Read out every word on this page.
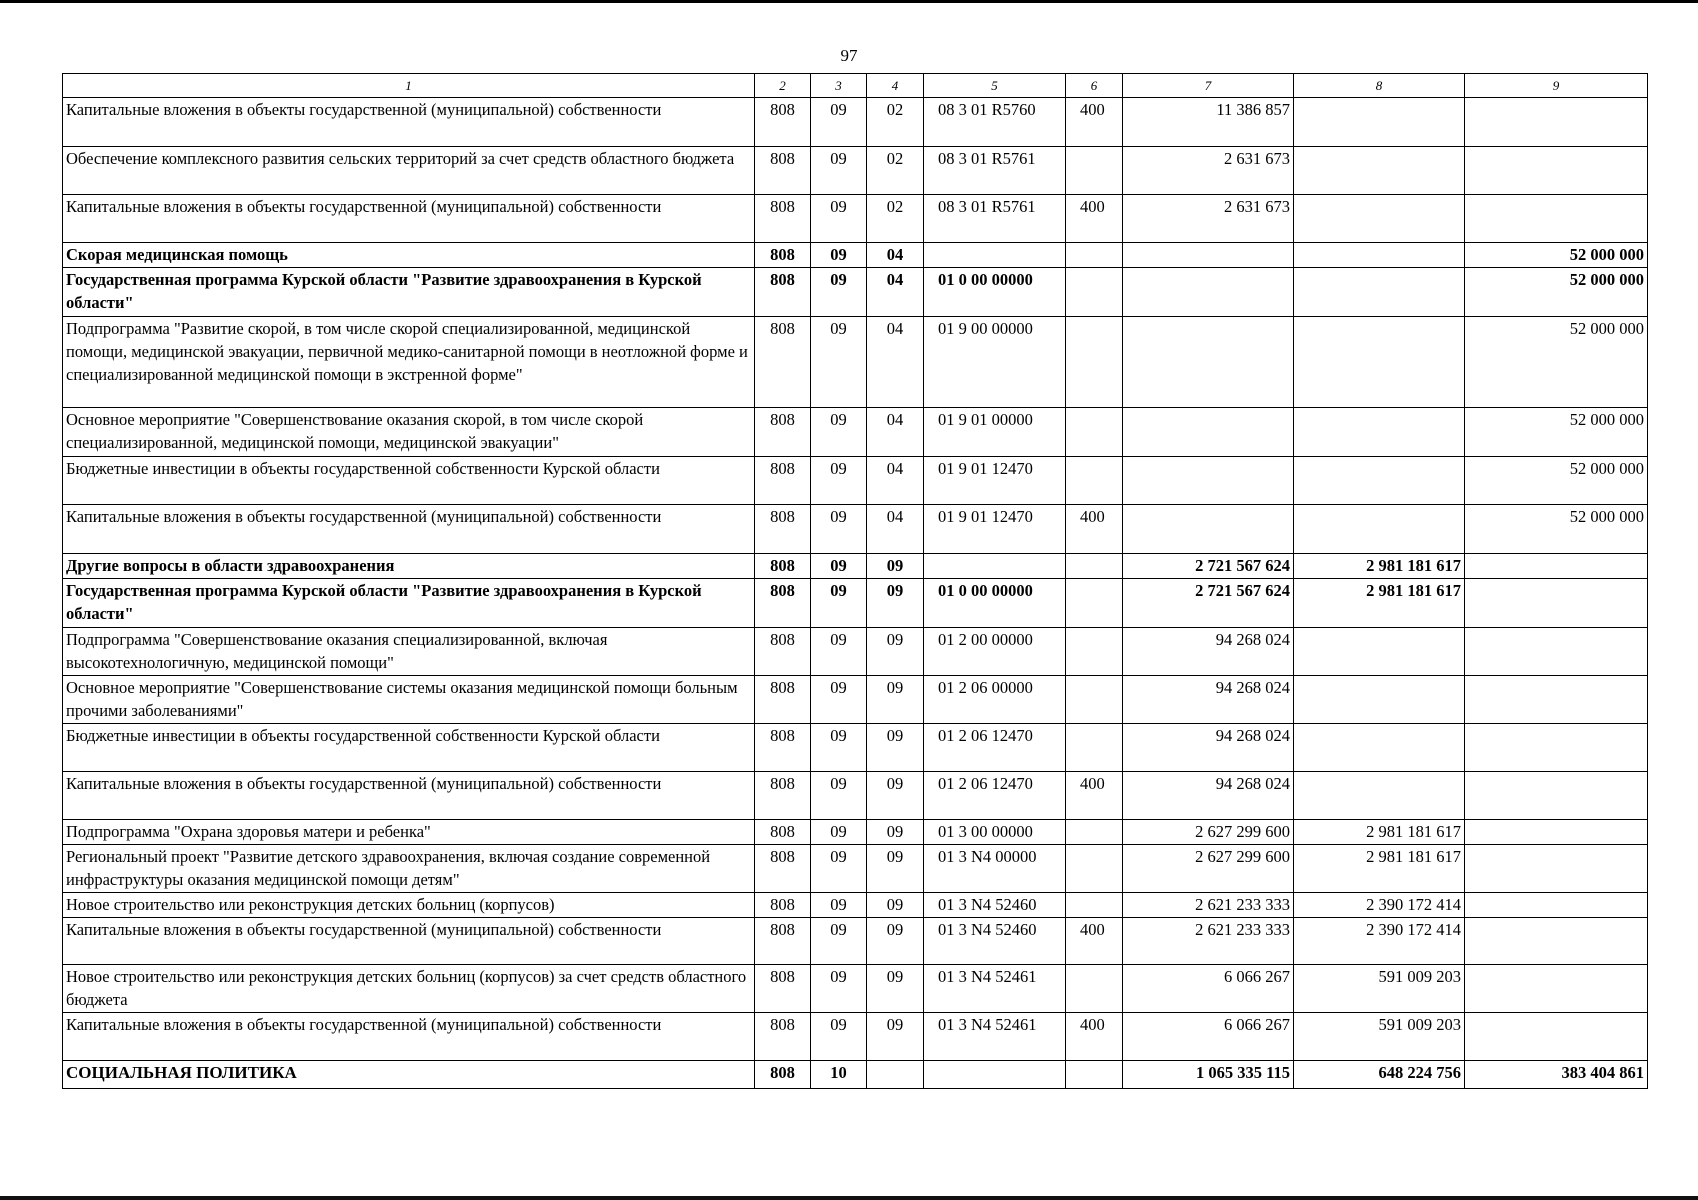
97
1	2	3	4	5	6	7	8	9
Капитальные вложения в объекты государственной (муниципальной) собственности	808	09	02	08 3 01 R5760	400	11 386 857		
Обеспечение комплексного развития сельских территорий за счет средств областного бюджета	808	09	02	08 3 01 R5761		2 631 673		
Капитальные вложения в объекты государственной (муниципальной) собственности	808	09	02	08 3 01 R5761	400	2 631 673		
Скорая медицинская помощь	808	09	04					52 000 000
Государственная программа Курской области "Развитие здравоохранения в Курской области"	808	09	04	01 0 00 00000				52 000 000
Подпрограмма "Развитие скорой, в том числе скорой специализированной, медицинской помощи, медицинской эвакуации, первичной медико-санитарной помощи в неотложной форме и специализированной медицинской помощи в экстренной форме"	808	09	04	01 9 00 00000				52 000 000
Основное мероприятие "Совершенствование оказания скорой, в том числе скорой специализированной, медицинской помощи, медицинской эвакуации"	808	09	04	01 9 01 00000				52 000 000
Бюджетные инвестиции в объекты государственной собственности Курской области	808	09	04	01 9 01 12470				52 000 000
Капитальные вложения в объекты государственной (муниципальной) собственности	808	09	04	01 9 01 12470	400			52 000 000
Другие вопросы в области здравоохранения	808	09	09			2 721 567 624	2 981 181 617	
Государственная программа Курской области "Развитие здравоохранения в Курской области"	808	09	09	01 0 00 00000		2 721 567 624	2 981 181 617	
Подпрограмма "Совершенствование оказания специализированной, включая высокотехнологичную, медицинской помощи"	808	09	09	01 2 00 00000		94 268 024		
Основное мероприятие "Совершенствование системы оказания медицинской помощи больным прочими заболеваниями"	808	09	09	01 2 06 00000		94 268 024		
Бюджетные инвестиции в объекты государственной собственности Курской области	808	09	09	01 2 06 12470		94 268 024		
Капитальные вложения в объекты государственной (муниципальной) собственности	808	09	09	01 2 06 12470	400	94 268 024		
Подпрограмма "Охрана здоровья матери и ребенка"	808	09	09	01 3 00 00000		2 627 299 600	2 981 181 617	
Региональный проект "Развитие детского здравоохранения, включая создание современной инфраструктуры оказания медицинской помощи детям"	808	09	09	01 3 N4 00000		2 627 299 600	2 981 181 617	
Новое строительство или реконструкция детских больниц (корпусов)	808	09	09	01 3 N4 52460		2 621 233 333	2 390 172 414	
Капитальные вложения в объекты государственной (муниципальной) собственности	808	09	09	01 3 N4 52460	400	2 621 233 333	2 390 172 414	
Новое строительство или реконструкция детских больниц (корпусов) за счет средств областного бюджета	808	09	09	01 3 N4 52461		6 066 267	591 009 203	
Капитальные вложения в объекты государственной (муниципальной) собственности	808	09	09	01 3 N4 52461	400	6 066 267	591 009 203	
СОЦИАЛЬНАЯ ПОЛИТИКА	808	10				1 065 335 115	648 224 756	383 404 861
